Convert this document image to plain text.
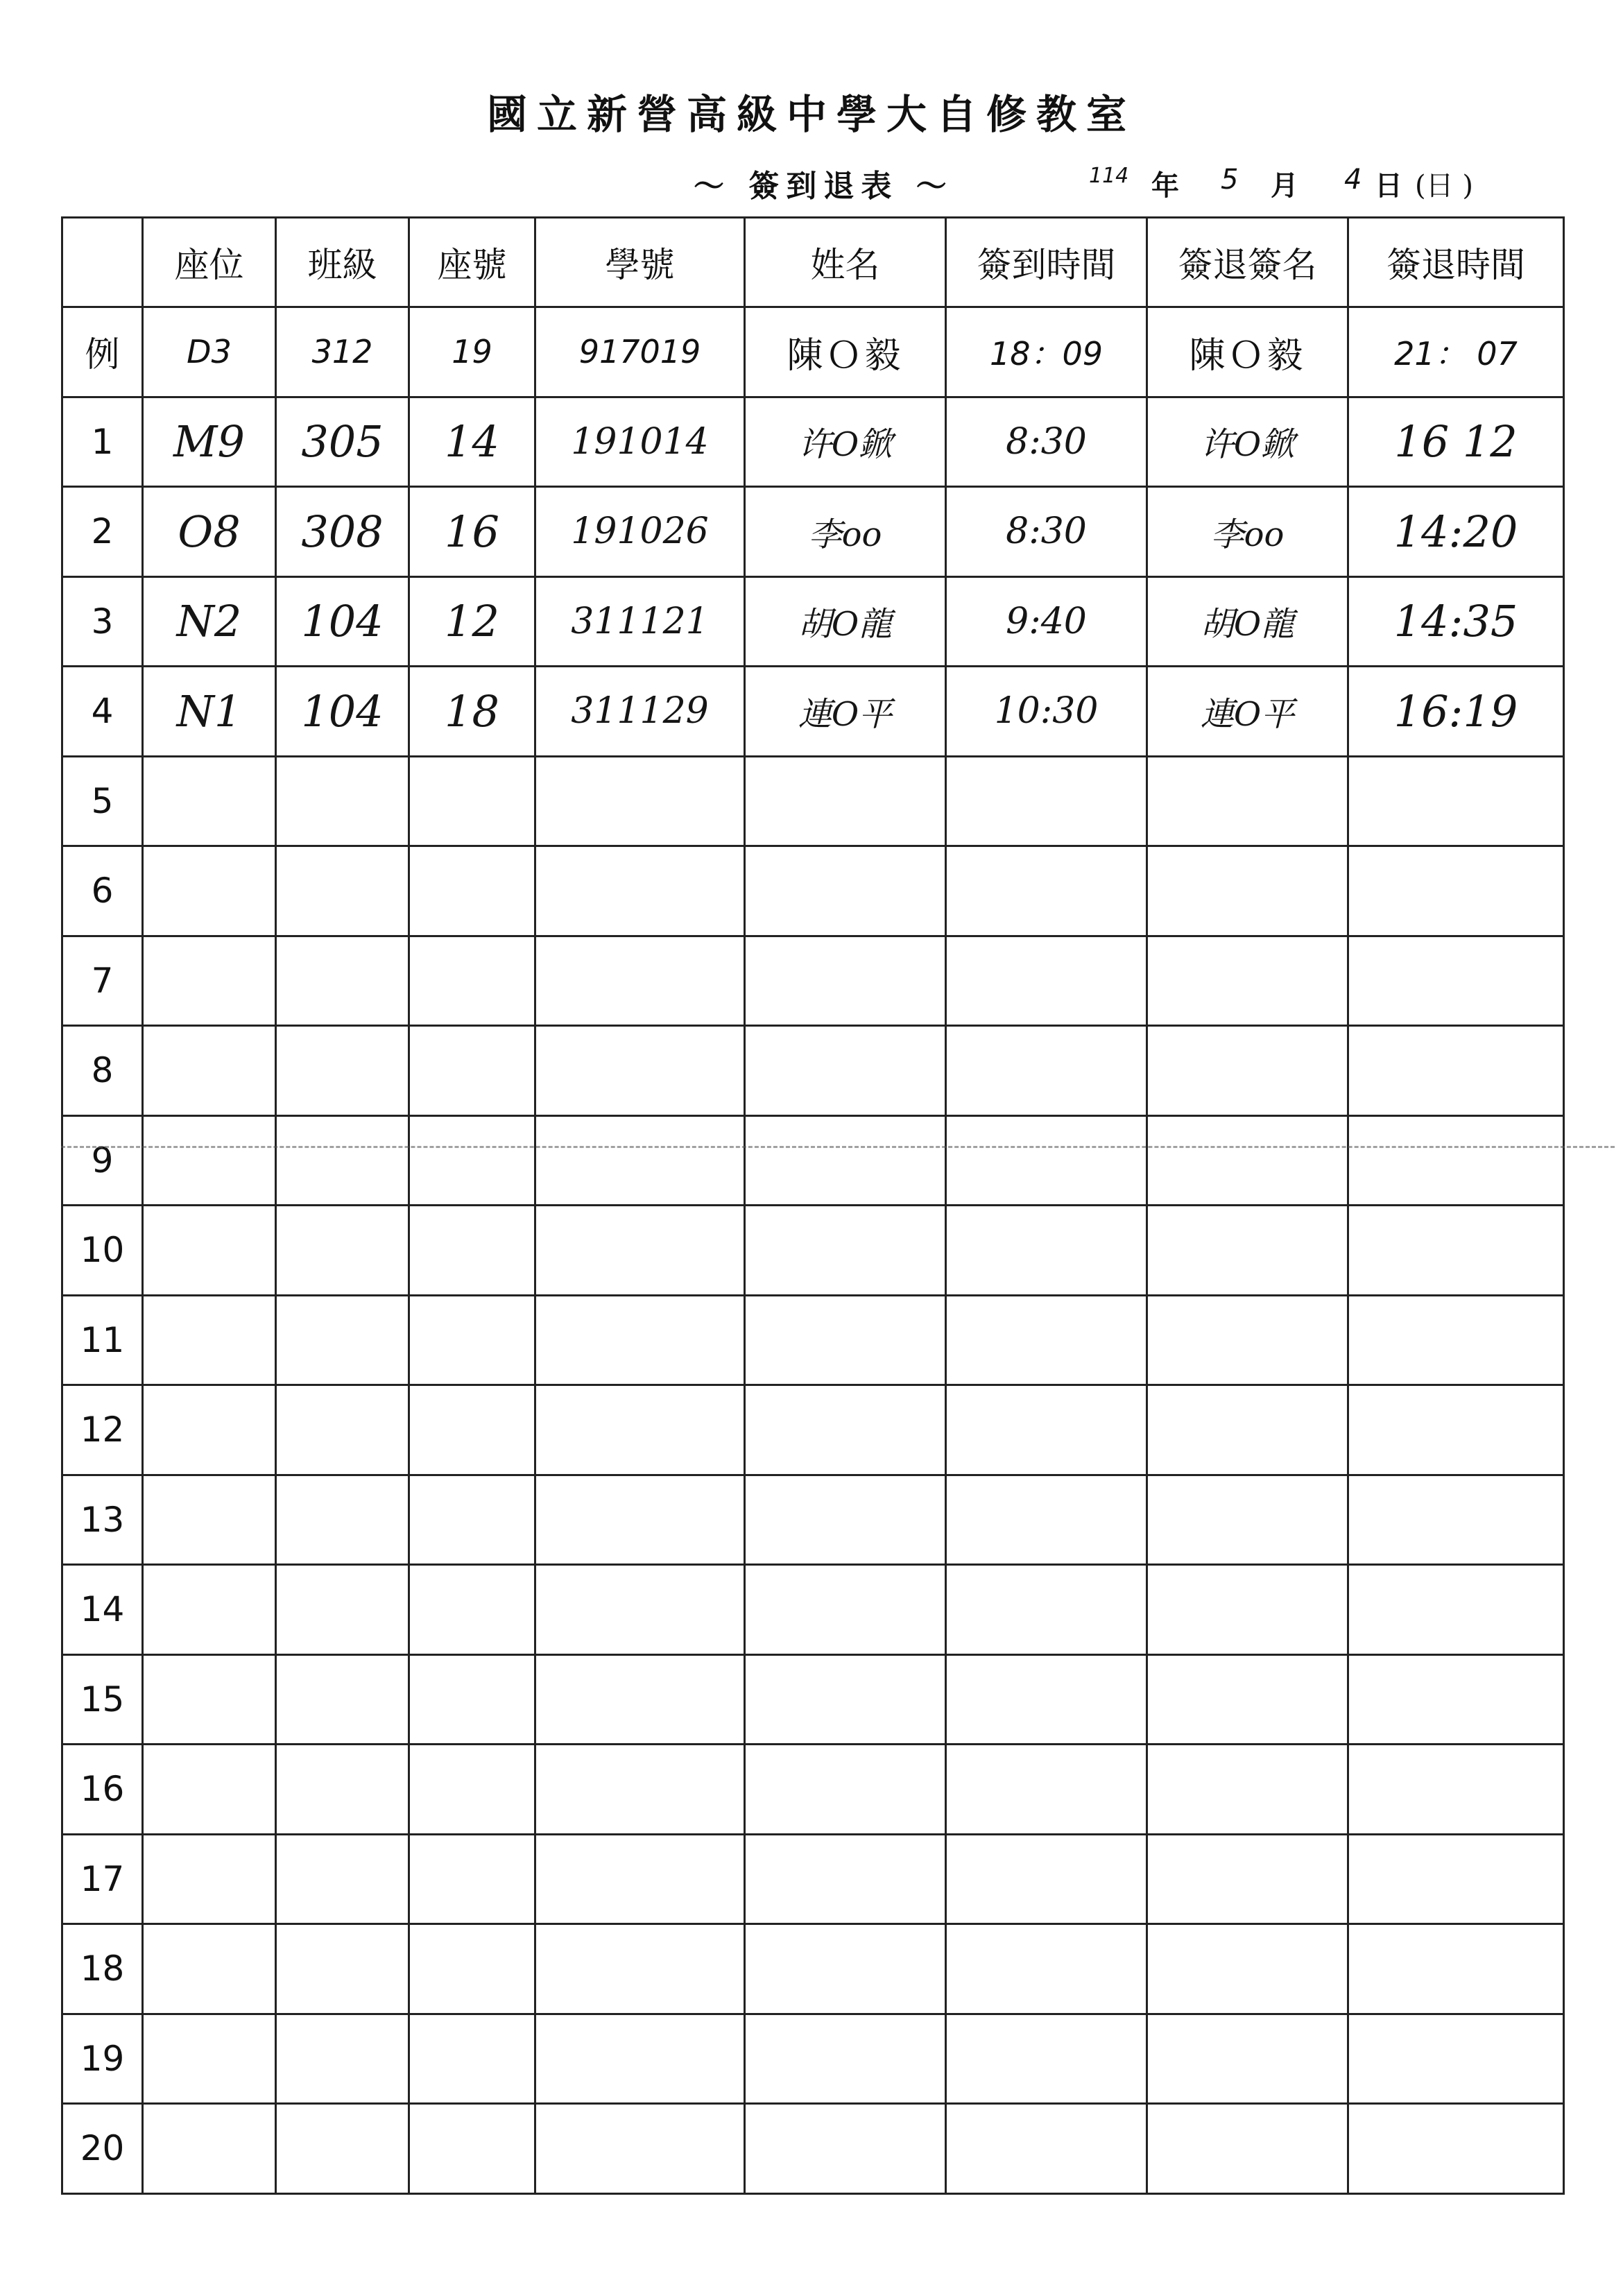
國立新營高級中學大自修教室
～ 簽到退表 ～	114 年 5 月 4 日 (日 )
	座位	班級	座號	學號	姓名	簽到時間	簽退簽名	簽退時間
例	D3	312	19	917019	陳Ｏ毅	18：09	陳Ｏ毅	21： 07
1	M9	305	14	191014	许O鍁	8:30	许O鍁	16 12
2	O8	308	16	191026	李oo	8:30	李oo	14:20
3	N2	104	12	311121	胡O龍	9:40	胡O龍	14:35
4	N1	104	18	311129	連O平	10:30	連O平	16:19
5								
6								
7								
8								
9								
10								
11								
12								
13								
14								
15								
16								
17								
18								
19								
20								
